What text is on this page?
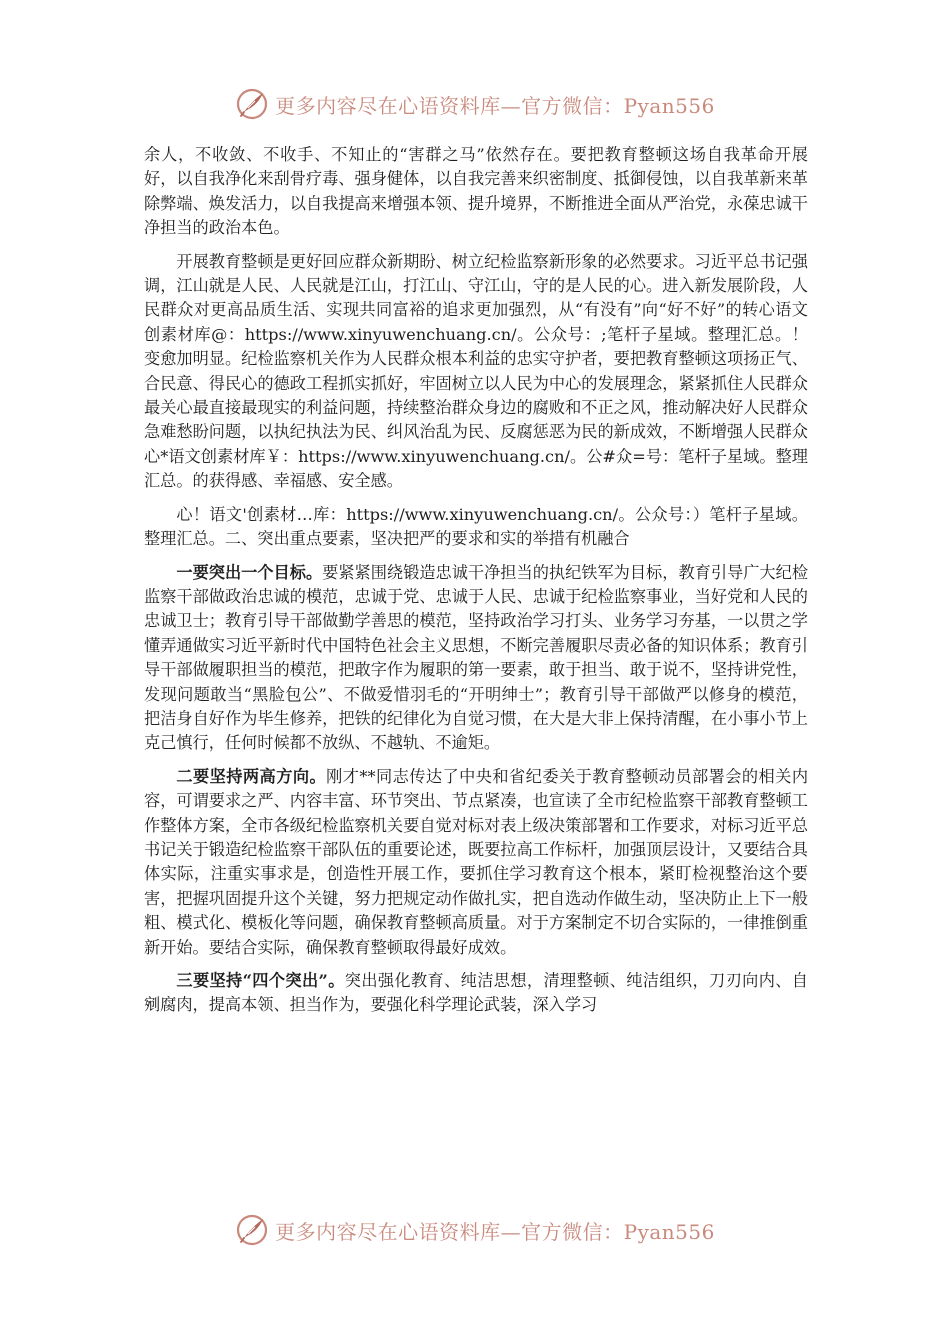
更多内容尽在心语资料库—官方微信：Pyan556

余人，不收敛、不收手、不知止的“害群之马”依然存在。要把教育整顿这场自我革命开展好，以自我净化来刮骨疗毒、强身健体，以自我完善来织密制度、抵御侵蚀，以自我革新来革除弊端、焕发活力，以自我提高来增强本领、提升境界，不断推进全面从严治党，永葆忠诚干净担当的政治本色。

开展教育整顿是更好回应群众新期盼、树立纪检监察新形象的必然要求。习近平总书记强调，江山就是人民、人民就是江山，打江山、守江山，守的是人民的心。进入新发展阶段，人民群众对更高品质生活、实现共同富裕的追求更加强烈，从“有没有”向“好不好”的转心语文创素材库@：https://www.xinyuwenchuang.cn/。公众号：;笔杆子星域。整理汇总。！变愈加明显。纪检监察机关作为人民群众根本利益的忠实守护者，要把教育整顿这项扬正气、合民意、得民心的德政工程抓实抓好，牢固树立以人民为中心的发展理念，紧紧抓住人民群众最关心最直接最现实的利益问题，持续整治群众身边的腐败和不正之风，推动解决好人民群众急难愁盼问题，以执纪执法为民、纠风治乱为民、反腐惩恶为民的新成效，不断增强人民群众心*语文创素材库￥：https://www.xinyuwenchuang.cn/。公#众=号：笔杆子星域。整理汇总。的获得感、幸福感、安全感。

心！语文'创素材…库：https://www.xinyuwenchuang.cn/。公众号：）笔杆子星域。整理汇总。二、突出重点要素，坚决把严的要求和实的举措有机融合

一要突出一个目标。要紧紧围绕锻造忠诚干净担当的执纪铁军为目标，教育引导广大纪检监察干部做政治忠诚的模范，忠诚于党、忠诚于人民、忠诚于纪检监察事业，当好党和人民的忠诚卫士；教育引导干部做勤学善思的模范，坚持政治学习打头、业务学习夯基，一以贯之学懂弄通做实习近平新时代中国特色社会主义思想，不断完善履职尽责必备的知识体系；教育引导干部做履职担当的模范，把敢字作为履职的第一要素，敢于担当、敢于说不，坚持讲党性，发现问题敢当“黑脸包公”、不做爱惜羽毛的“开明绅士”；教育引导干部做严以修身的模范，把洁身自好作为毕生修养，把铁的纪律化为自觉习惯，在大是大非上保持清醒，在小事小节上克己慎行，任何时候都不放纵、不越轨、不逾矩。

二要坚持两高方向。刚才**同志传达了中央和省纪委关于教育整顿动员部署会的相关内容，可谓要求之严、内容丰富、环节突出、节点紧凑，也宣读了全市纪检监察干部教育整顿工作整体方案，全市各级纪检监察机关要自觉对标对表上级决策部署和工作要求，对标习近平总书记关于锻造纪检监察干部队伍的重要论述，既要拉高工作标杆，加强顶层设计，又要结合具体实际，注重实事求是，创造性开展工作，要抓住学习教育这个根本，紧盯检视整治这个要害，把握巩固提升这个关键，努力把规定动作做扎实，把自选动作做生动，坚决防止上下一般粗、模式化、模板化等问题，确保教育整顿高质量。对于方案制定不切合实际的，一律推倒重新开始。要结合实际，确保教育整顿取得最好成效。

三要坚持“四个突出”。突出强化教育、纯洁思想，清理整顿、纯洁组织，刀刃向内、自剜腐肉，提高本领、担当作为，要强化科学理论武装，深入学习

更多内容尽在心语资料库—官方微信：Pyan556
